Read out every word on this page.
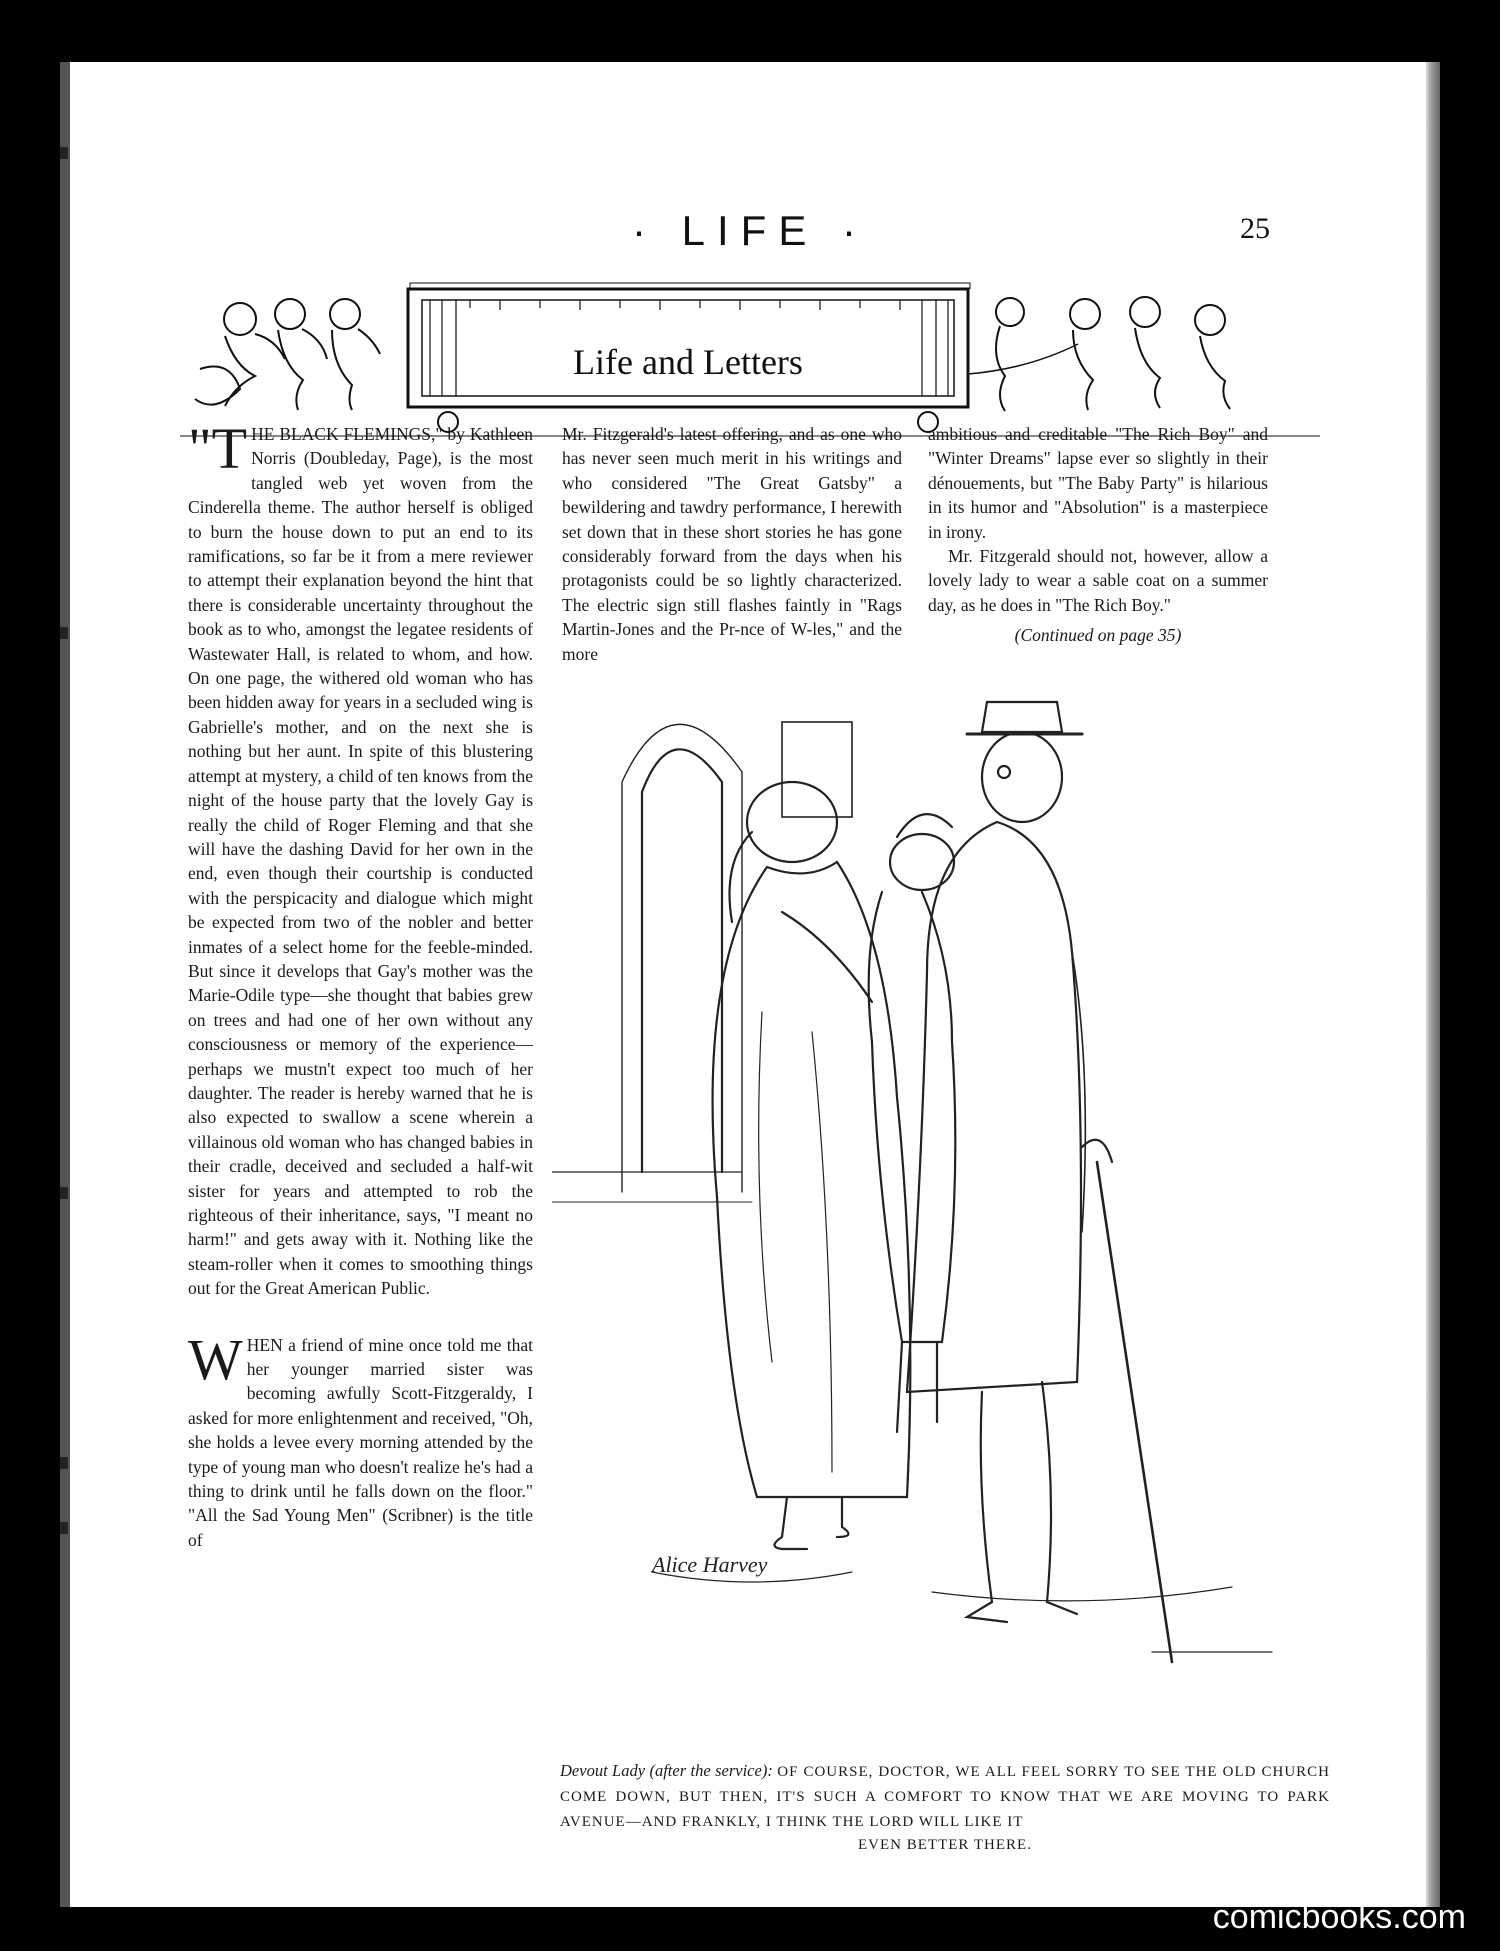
· LIFE ·	25
Life and Letters

"THE BLACK FLEMINGS," by Kathleen Norris (Doubleday, Page), is the most tangled web yet woven from the Cinderella theme. The author herself is obliged to burn the house down to put an end to its ramifications, so far be it from a mere reviewer to attempt their explanation beyond the hint that there is considerable uncertainty throughout the book as to who, amongst the legatee residents of Wastewater Hall, is related to whom, and how. On one page, the withered old woman who has been hidden away for years in a secluded wing is Gabrielle's mother, and on the next she is nothing but her aunt. In spite of this blustering attempt at mystery, a child of ten knows from the night of the house party that the lovely Gay is really the child of Roger Fleming and that she will have the dashing David for her own in the end, even though their courtship is conducted with the perspicacity and dialogue which might be expected from two of the nobler and better inmates of a select home for the feeble-minded. But since it develops that Gay's mother was the Marie-Odile type—she thought that babies grew on trees and had one of her own without any consciousness or memory of the experience—perhaps we mustn't expect too much of her daughter. The reader is hereby warned that he is also expected to swallow a scene wherein a villainous old woman who has changed babies in their cradle, deceived and secluded a half-wit sister for years and attempted to rob the righteous of their inheritance, says, "I meant no harm!" and gets away with it. Nothing like the steam-roller when it comes to smoothing things out for the Great American Public.

WHEN a friend of mine once told me that her younger married sister was becoming awfully Scott-Fitzgeraldy, I asked for more enlightenment and received, "Oh, she holds a levee every morning attended by the type of young man who doesn't realize he's had a thing to drink until he falls down on the floor." "All the Sad Young Men" (Scribner) is the title of

Mr. Fitzgerald's latest offering, and as one who has never seen much merit in his writings and who considered "The Great Gatsby" a bewildering and tawdry performance, I herewith set down that in these short stories he has gone considerably forward from the days when his protagonists could be so lightly characterized. The electric sign still flashes faintly in "Rags Martin-Jones and the Pr-nce of W-les," and the more

ambitious and creditable "The Rich Boy" and "Winter Dreams" lapse ever so slightly in their dénouements, but "The Baby Party" is hilarious in its humor and "Absolution" is a masterpiece in irony.

Mr. Fitzgerald should not, however, allow a lovely lady to wear a sable coat on a summer day, as he does in "The Rich Boy."

(Continued on page 35)

Alice Harvey
Devout Lady (after the service): OF COURSE, DOCTOR, WE ALL FEEL SORRY TO SEE THE OLD CHURCH COME DOWN, BUT THEN, IT'S SUCH A COMFORT TO KNOW THAT WE ARE MOVING TO PARK AVENUE—AND FRANKLY, I THINK THE LORD WILL LIKE IT
EVEN BETTER THERE.
comicbooks.com
